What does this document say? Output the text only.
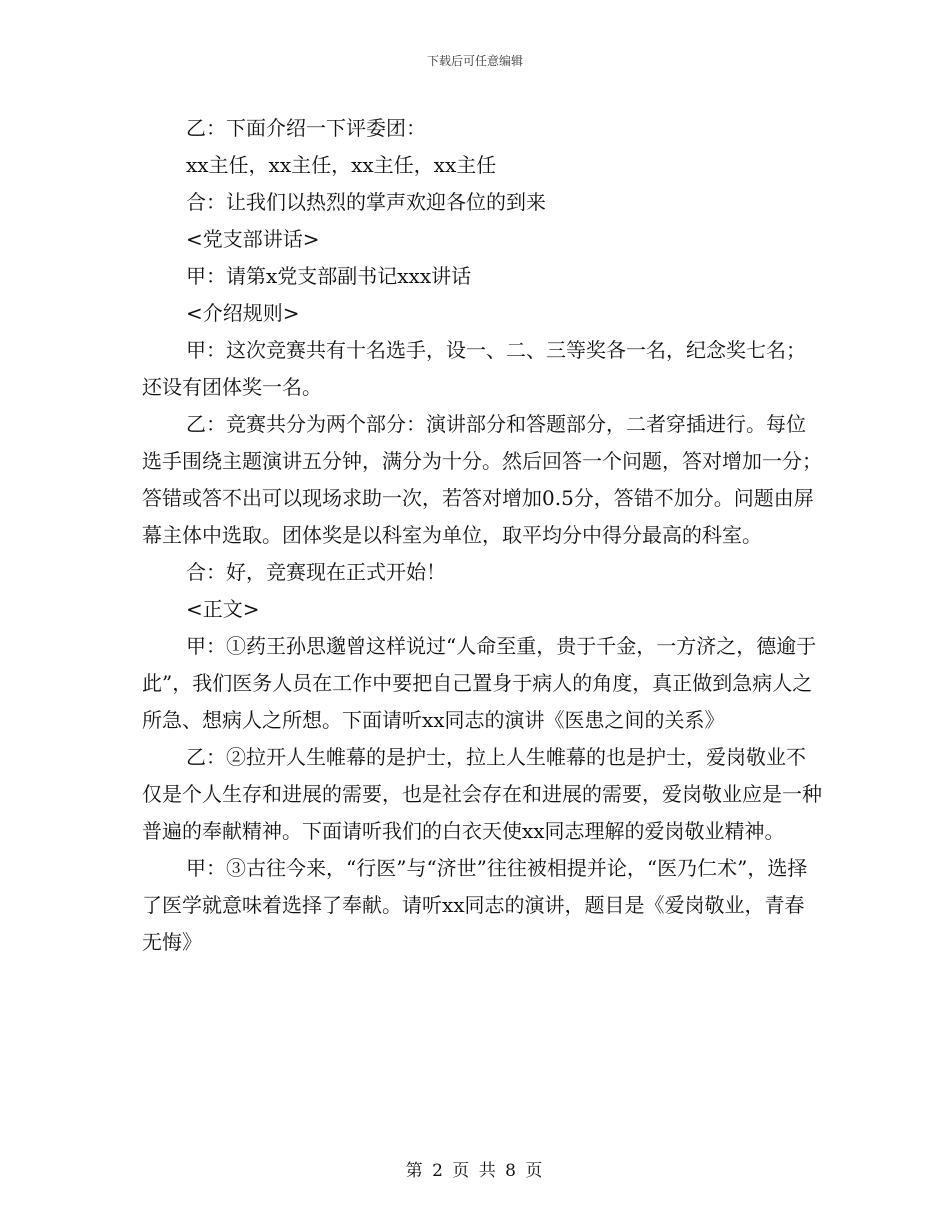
下载后可任意编辑

乙：下面介绍一下评委团：

xx主任，xx主任，xx主任，xx主任

合：让我们以热烈的掌声欢迎各位的到来

<党支部讲话>

甲：请第x党支部副书记xxx讲话

<介绍规则>

甲：这次竞赛共有十名选手，设一、二、三等奖各一名，纪念奖七名；还设有团体奖一名。

乙：竞赛共分为两个部分：演讲部分和答题部分，二者穿插进行。每位选手围绕主题演讲五分钟，满分为十分。然后回答一个问题，答对增加一分；答错或答不出可以现场求助一次，若答对增加0.5分，答错不加分。问题由屏幕主体中选取。团体奖是以科室为单位，取平均分中得分最高的科室。

合：好，竞赛现在正式开始！

<正文>

甲：①药王孙思邈曾这样说过“人命至重，贵于千金，一方济之，德逾于此”，我们医务人员在工作中要把自己置身于病人的角度，真正做到急病人之所急、想病人之所想。下面请听xx同志的演讲《医患之间的关系》

乙：②拉开人生帷幕的是护士，拉上人生帷幕的也是护士，爱岗敬业不仅是个人生存和进展的需要，也是社会存在和进展的需要，爱岗敬业应是一种普遍的奉献精神。下面请听我们的白衣天使xx同志理解的爱岗敬业精神。

甲：③古往今来，“行医”与“济世”往往被相提并论，“医乃仁术”，选择了医学就意味着选择了奉献。请听xx同志的演讲，题目是《爱岗敬业，青春无悔》

第 2 页 共 8 页
